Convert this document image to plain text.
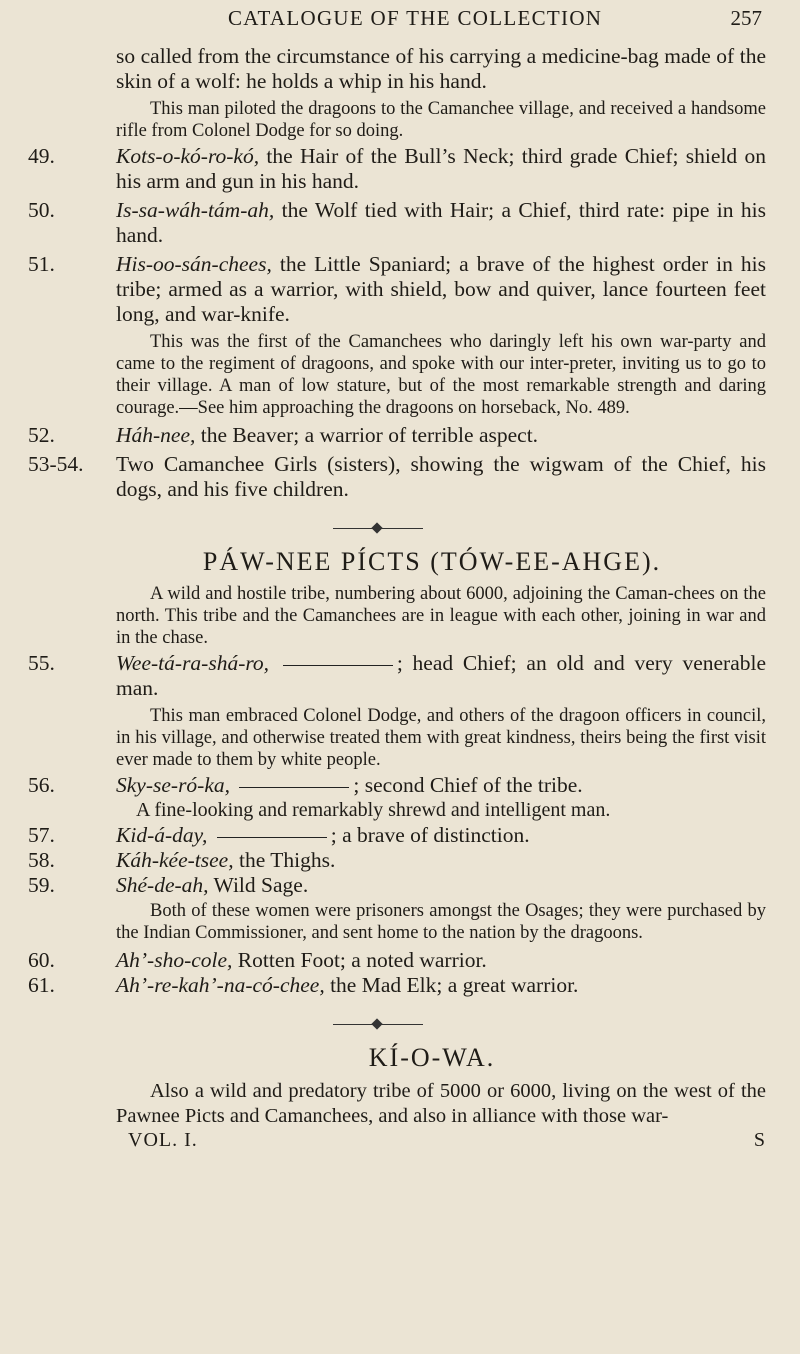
CATALOGUE OF THE COLLECTION	257

so called from the circumstance of his carrying a medicine-bag made of the skin of a wolf: he holds a whip in his hand.

This man piloted the dragoons to the Camanchee village, and received a handsome rifle from Colonel Dodge for so doing.

49.	Kots-o-kó-ro-kó, the Hair of the Bull’s Neck; third grade Chief; shield on his arm and gun in his hand.
50.	Is-sa-wáh-tám-ah, the Wolf tied with Hair; a Chief, third rate: pipe in his hand.
51.	His-oo-sán-chees, the Little Spaniard; a brave of the highest order in his tribe; armed as a warrior, with shield, bow and quiver, lance fourteen feet long, and war-knife.

This was the first of the Camanchees who daringly left his own war-party and came to the regiment of dragoons, and spoke with our inter-preter, inviting us to go to their village. A man of low stature, but of the most remarkable strength and daring courage.—See him approaching the dragoons on horseback, No. 489.

52.	Háh-nee, the Beaver; a warrior of terrible aspect.
53-54. Two Camanchee Girls (sisters), showing the wigwam of the Chief, his dogs, and his five children.
PÁW-NEE PÍCTS (TÓW-EE-AHGE).

A wild and hostile tribe, numbering about 6000, adjoining the Caman-chees on the north. This tribe and the Camanchees are in league with each other, joining in war and in the chase.

55.	Wee-tá-ra-shá-ro,	; head Chief; an old and very venerable man.

This man embraced Colonel Dodge, and others of the dragoon officers in council, in his village, and otherwise treated them with great kindness, theirs being the first visit ever made to them by white people.

56.	Sky-se-ró-ka,	; second Chief of the tribe.

A fine-looking and remarkably shrewd and intelligent man.

57.	Kid-á-day,	; a brave of distinction.
58.	Káh-kée-tsee, the Thighs.
59.	Shé-de-ah, Wild Sage.

Both of these women were prisoners amongst the Osages; they were purchased by the Indian Commissioner, and sent home to the nation by the dragoons.

60.	Ah’-sho-cole, Rotten Foot; a noted warrior.
61.	Ah’-re-kah’-na-có-chee, the Mad Elk; a great warrior.
KÍ-O-WA.

Also a wild and predatory tribe of 5000 or 6000, living on the west of the Pawnee Picts and Camanchees, and also in alliance with those war-

VOL. I.	S
